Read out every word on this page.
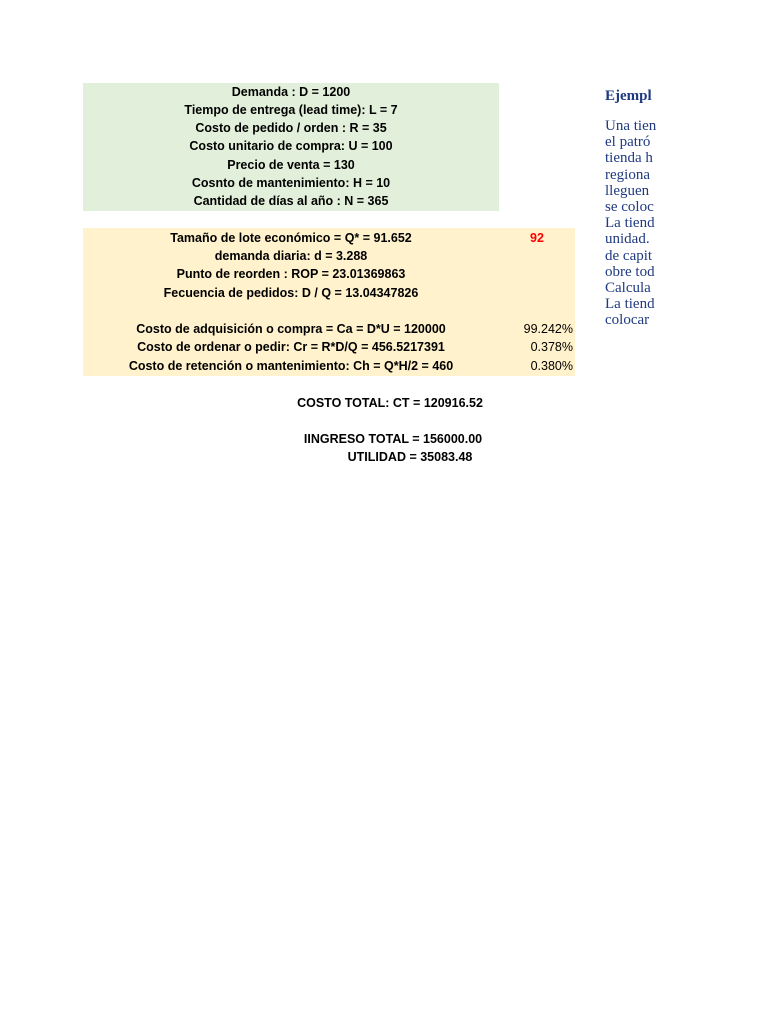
Demanda : D = 1200
Tiempo de entrega (lead time): L = 7
Costo de pedido / orden : R = 35
Costo unitario de compra: U = 100
Precio de venta = 130
Cosnto de mantenimiento: H = 10
Cantidad de días al año : N = 365
Tamaño de lote económico = Q* = 91.652	92
demanda diaria: d = 3.288
Punto de reorden : ROP = 23.01369863
Fecuencia de pedidos: D / Q = 13.04347826
Costo de adquisición o compra = Ca = D*U = 120000	99.242%
Costo de ordenar o pedir: Cr = R*D/Q = 456.5217391	0.378%
Costo de retención o mantenimiento: Ch = Q*H/2 = 460	0.380%
COSTO TOTAL: CT = 120916.52
IINGRESO TOTAL = 156000.00
UTILIDAD = 35083.48
Ejempl
Una tien
el patró
tienda h
regiona
lleguen
se coloc
La tiend
unidad.
de capit
obre tod
Calcula
La tiend
colocar
